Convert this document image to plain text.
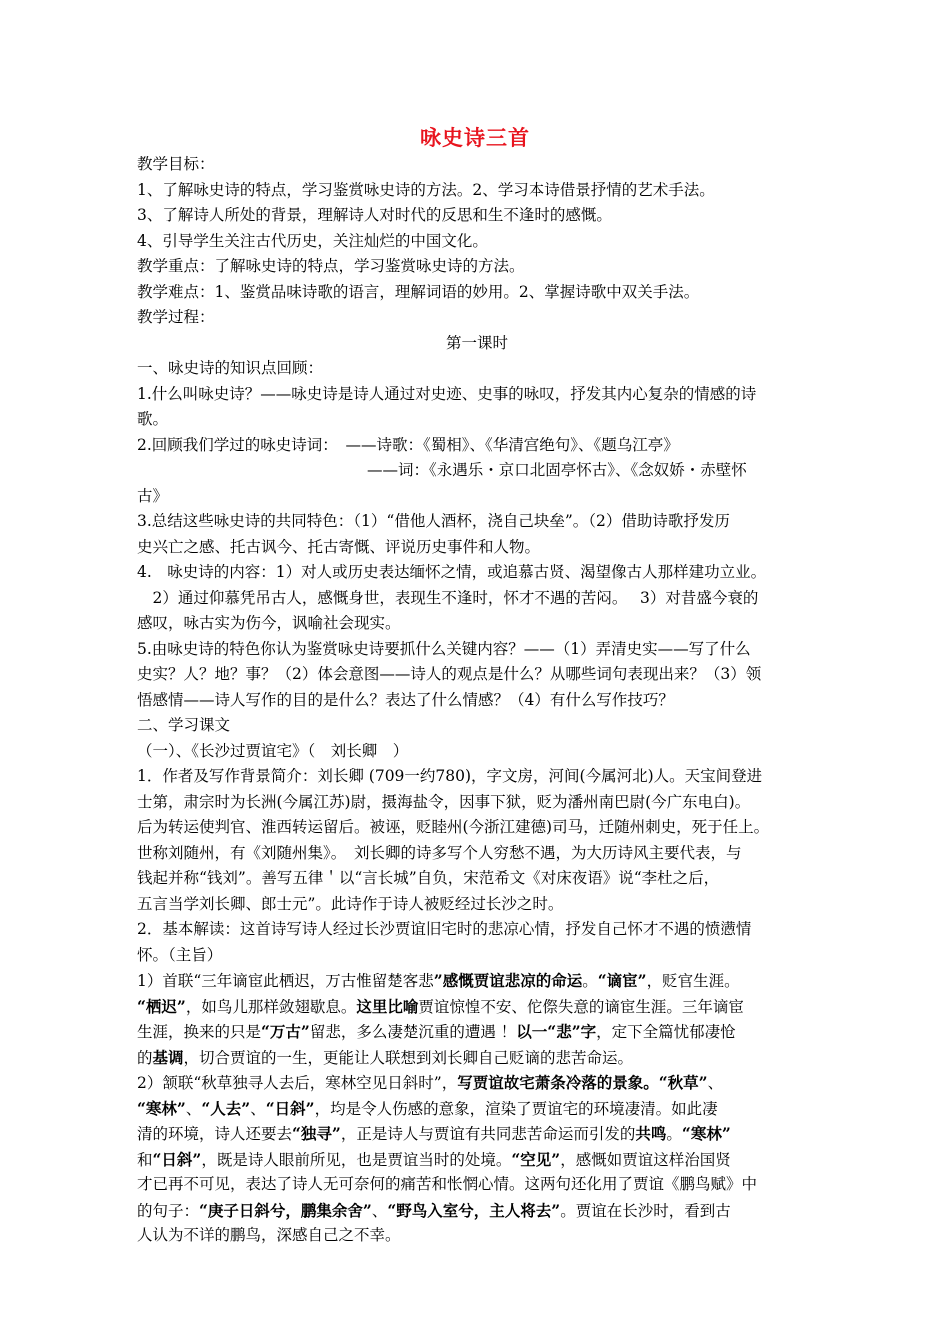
咏史诗三首
教学目标：
1、了解咏史诗的特点，学习鉴赏咏史诗的方法。2、学习本诗借景抒情的艺术手法。
3、了解诗人所处的背景，理解诗人对时代的反思和生不逢时的感慨。
4、引导学生关注古代历史，关注灿烂的中国文化。
教学重点：了解咏史诗的特点，学习鉴赏咏史诗的方法。
教学难点：1、鉴赏品味诗歌的语言，理解词语的妙用。2、掌握诗歌中双关手法。
教学过程：
第一课时
一、咏史诗的知识点回顾：
1.什么叫咏史诗？——咏史诗是诗人通过对史迹、史事的咏叹，抒发其内心复杂的情感的诗
歌。
2.回顾我们学过的咏史诗词：　——诗歌：《蜀相》、《华清宫绝句》、《题乌江亭》
——词：《永遇乐・京口北固亭怀古》、《念奴娇・赤壁怀
古》
3.总结这些咏史诗的共同特色：（1）“借他人酒杯，浇自己块垒”。（2）借助诗歌抒发历
史兴亡之感、托古讽今、托古寄慨、评说历史事件和人物。
4.　咏史诗的内容：1）对人或历史表达缅怀之情，或追慕古贤、渴望像古人那样建功立业。
　2）通过仰慕凭吊古人，感慨身世，表现生不逢时，怀才不遇的苦闷。　 3）对昔盛今衰的
感叹，咏古实为伤今，讽喻社会现实。
5.由咏史诗的特色你认为鉴赏咏史诗要抓什么关键内容？——（1）弄清史实——写了什么
史实？人？地？事？（2）体会意图——诗人的观点是什么？从哪些词句表现出来？（3）领
悟感情——诗人写作的目的是什么？表达了什么情感？（4）有什么写作技巧？
二、学习课文
（一）、《长沙过贾谊宅》（　刘长卿　）
1．作者及写作背景简介：刘长卿 (709一约780)，字文房，河间(今属河北)人。天宝间登进
士第，肃宗时为长洲(今属江苏)尉，摄海盐令，因事下狱，贬为潘州南巴尉(今广东电白)。
后为转运使判官、淮西转运留后。被诬，贬睦州(今浙江建德)司马，迁随州刺史，死于任上。
世称刘随州，有《刘随州集》。　刘长卿的诗多写个人穷愁不遇，为大历诗风主要代表，与
钱起并称“钱刘”。善写五律＇以“言长城”自负，宋范希文《对床夜语》说“李杜之后，
五言当学刘长卿、郎士元”。此诗作于诗人被贬经过长沙之时。
2．基本解读：这首诗写诗人经过长沙贾谊旧宅时的悲凉心情，抒发自己怀才不遇的愤懑情
怀。（主旨）
1）首联“三年谪宦此栖迟，万古惟留楚客悲”感慨贾谊悲凉的命运。“谪宦”，贬官生涯。
“栖迟”，如鸟儿那样敛翅歇息。这里比喻贾谊惊惶不安、佗傺失意的谪宦生涯。三年谪宦
生涯，换来的只是“万古”留悲，多么凄楚沉重的遭遇 ！以一“悲”字，定下全篇忧郁凄怆
的基调，切合贾谊的一生，更能让人联想到刘长卿自己贬谪的悲苦命运。
2）颔联“秋草独寻人去后，寒林空见日斜时”，写贾谊故宅萧条冷落的景象。“秋草”、
“寒林”、“人去”、“日斜”，均是令人伤感的意象，渲染了贾谊宅的环境凄清。如此凄
清的环境，诗人还要去“独寻”，正是诗人与贾谊有共同悲苦命运而引发的共鸣。“寒林”
和“日斜”，既是诗人眼前所见，也是贾谊当时的处境。“空见”，感慨如贾谊这样治国贤
才已再不可见，表达了诗人无可奈何的痛苦和怅惘心情。这两句还化用了贾谊《鹏鸟赋》中
的句子：“庚子日斜兮，鹏集余舍”、“野鸟入室兮，主人将去”。贾谊在长沙时，看到古
人认为不详的鹏鸟，深感自己之不幸。
